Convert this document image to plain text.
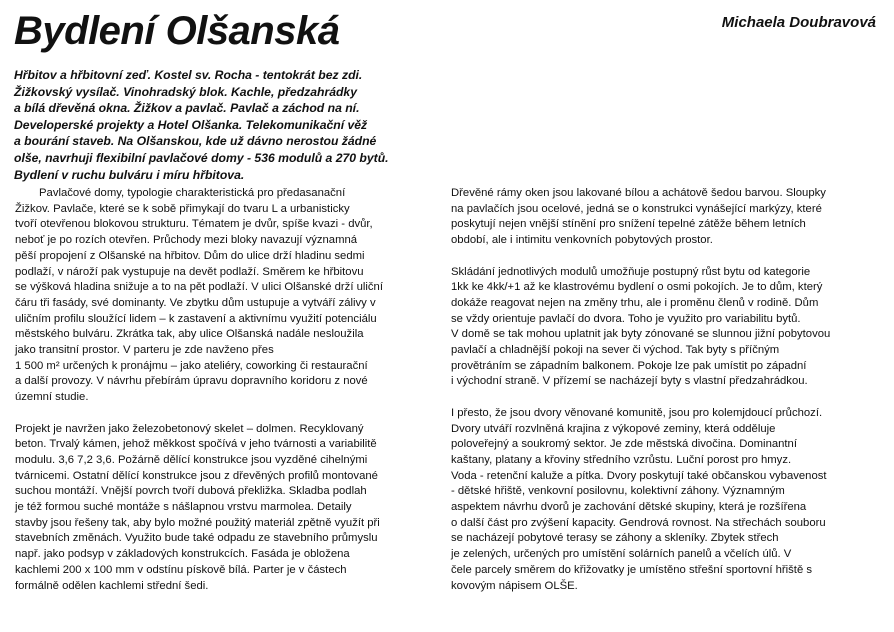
Bydlení Olšanská	Michaela Doubravová
Hřbitov a hřbitovní zeď. Kostel sv. Rocha - tentokrát bez zdi.
Žižkovský vysílač. Vinohradský blok. Kachle, předzahrádky
a bílá dřevěná okna. Žižkov a pavlač. Pavlač a záchod na ní.
Developerské projekty a Hotel Olšanka. Telekomunikační věž
a bourání staveb. Na Olšanskou, kde už dávno nerostou žádné
olše, navrhuji flexibilní pavlačové domy - 536 modulů a 270 bytů.
Bydlení v ruchu bulváru i míru hřbitova.
Pavlačové domy, typologie charakteristická pro předasanační
Žižkov. Pavlače, které se k sobě přimykají do tvaru L a urbanisticky
tvoří otevřenou blokovou strukturu. Tématem je dvůr, spíše kvazi - dvůr,
neboť je po rozích otevřen. Průchody mezi bloky navazují významná
pěší propojení z Olšanské na hřbitov. Dům do ulice drží hladinu sedmi
podlaží, v nároží pak vystupuje na devět podlaží. Směrem ke hřbitovu
se výšková hladina snižuje a to na pět podlaží. V ulici Olšanské drží uliční
čáru tři fasády, své dominanty. Ve zbytku dům ustupuje a vytváří zálivy v
uličním profilu sloužící lidem – k zastavení a aktivnímu využití potenciálu
městského bulváru. Zkrátka tak, aby ulice Olšanská nadále nesloužila
jako transitní prostor. V parteru je zde navženo přes
1 500 m² určených k pronájmu – jako ateliéry, coworking či restaurační
a další provozy. V návrhu přebírám úpravu dopravního koridoru z nové
územní studie.
Projekt je navržen jako železobetonový skelet – dolmen. Recyklovaný
beton. Trvalý kámen, jehož měkkost spočívá v jeho tvárnosti a variabilitě
modulu. 3,6 7,2 3,6. Požárně dělící konstrukce jsou vyzděné cihelnými
tvárnicemi. Ostatní dělící konstrukce jsou z dřevěných profilů montované
suchou montáží. Vnější povrch tvoří dubová překližka. Skladba podlah
je též formou suché montáže s nášlapnou vrstvu marmolea. Detaily
stavby jsou řešeny tak, aby bylo možné použitý materiál zpětně využít při
stavebních změnách. Využito bude také odpadu ze stavebního průmyslu
např. jako podsyp v základových konstrukcích. Fasáda je obložena
kachlemi 200 x 100 mm v odstínu pískově bílá. Parter je v částech
formálně odělen kachlemi střední šedi.
Dřevěné rámy oken jsou lakované bílou a achátově šedou barvou. Sloupky
na pavlačích jsou ocelové, jedná se o konstrukci vynášející markýzy, které
poskytují nejen vnější stínění pro snížení tepelné zátěže během letních
období, ale i intimitu venkovních pobytových prostor.
Skládání jednotlivých modulů umožňuje postupný růst bytu od kategorie
1kk ke 4kk/+1 až ke klastrovému bydlení o osmi pokojích. Je to dům, který
dokáže reagovat nejen na změny trhu, ale i proměnu členů v rodině. Dům
se vždy orientuje pavlačí do dvora. Toho je využito pro variabilitu bytů.
V domě se tak mohou uplatnit jak byty zónované se slunnou jižní pobytovou
pavlačí a chladnější pokoji na sever či východ. Tak byty s příčným
provětráním se západním balkonem. Pokoje lze pak umístit po západní
i východní straně. V přízemí se nacházejí byty s vlastní předzahrádkou.
I přesto, že jsou dvory věnované komunitě, jsou pro kolemjdoucí průchozí.
Dvory utváří rozvlněná krajina z výkopové zeminy, která odděluje
poloveřejný a soukromý sektor. Je zde městská divočina. Dominantní
kaštany, platany a křoviny středního vzrůstu. Luční porost pro hmyz.
Voda - retenční kaluže a pítka. Dvory poskytují také občanskou vybavenost
- dětské hřiště, venkovní posilovnu, kolektivní záhony. Významným
aspektem návrhu dvorů je zachování dětské skupiny, která je rozšířena
o další část pro zvýšení kapacity. Gendrová rovnost. Na střechách souboru
se nacházejí pobytové terasy se záhony a skleníky. Zbytek střech
je zelených, určených pro umístění solárních panelů a včelích úlů. V
čele parcely směrem do křižovatky je umístěno střešní sportovní hřiště s
kovovým nápisem OLŠE.
